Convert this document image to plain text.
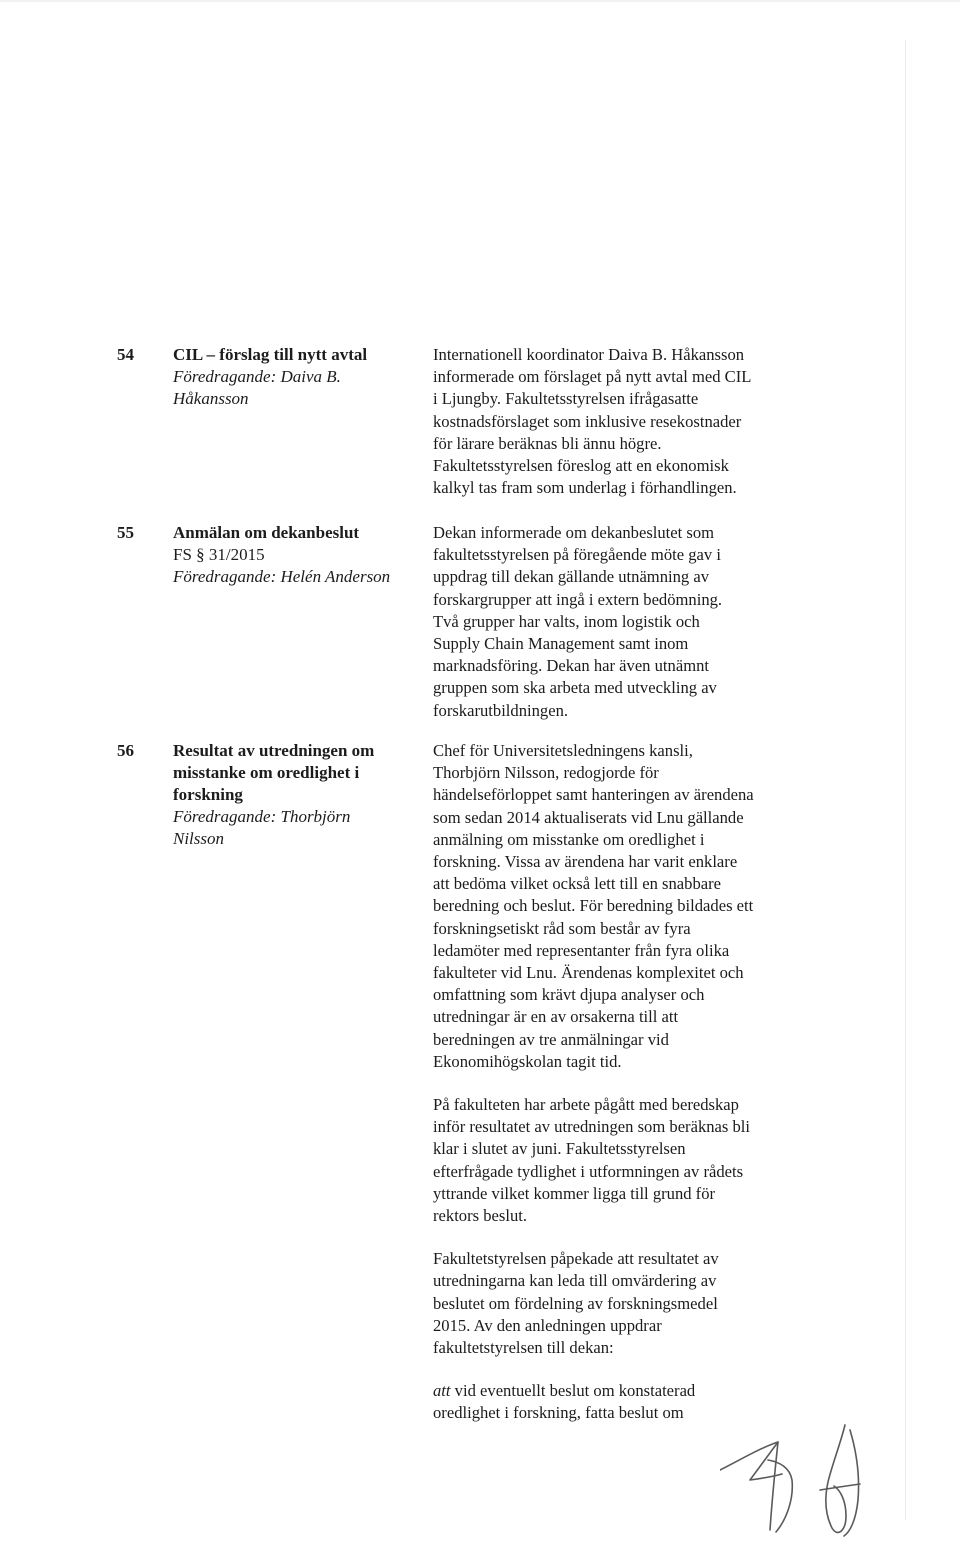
54 CIL – förslag till nytt avtal
Föredragande: Daiva B.
Håkansson

Internationell koordinator Daiva B. Håkansson
informerade om förslaget på nytt avtal med CIL
i Ljungby. Fakultetsstyrelsen ifrågasatte
kostnadsförslaget som inklusive resekostnader
för lärare beräknas bli ännu högre.
Fakultetsstyrelsen föreslog att en ekonomisk
kalkyl tas fram som underlag i förhandlingen.

55 Anmälan om dekanbeslut
FS § 31/2015
Föredragande: Helén Anderson

Dekan informerade om dekanbeslutet som
fakultetsstyrelsen på föregående möte gav i
uppdrag till dekan gällande utnämning av
forskargrupper att ingå i extern bedömning.
Två grupper har valts, inom logistik och
Supply Chain Management samt inom
marknadsföring. Dekan har även utnämnt
gruppen som ska arbeta med utveckling av
forskarutbildningen.

56 Resultat av utredningen om
misstanke om oredlighet i
forskning
Föredragande: Thorbjörn
Nilsson

Chef för Universitetsledningens kansli,
Thorbjörn Nilsson, redogjorde för
händelseförloppet samt hanteringen av ärendena
som sedan 2014 aktualiserats vid Lnu gällande
anmälning om misstanke om oredlighet i
forskning. Vissa av ärendena har varit enklare
att bedöma vilket också lett till en snabbare
beredning och beslut. För beredning bildades ett
forskningsetiskt råd som består av fyra
ledamöter med representanter från fyra olika
fakulteter vid Lnu. Ärendenas komplexitet och
omfattning som krävt djupa analyser och
utredningar är en av orsakerna till att
beredningen av tre anmälningar vid
Ekonomihögskolan tagit tid.

På fakulteten har arbete pågått med beredskap
inför resultatet av utredningen som beräknas bli
klar i slutet av juni. Fakultetsstyrelsen
efterfrågade tydlighet i utformningen av rådets
yttrande vilket kommer ligga till grund för
rektors beslut.

Fakultetstyrelsen påpekade att resultatet av
utredningarna kan leda till omvärdering av
beslutet om fördelning av forskningsmedel
2015. Av den anledningen uppdrar
fakultetstyrelsen till dekan:

att vid eventuellt beslut om konstaterad
oredlighet i forskning, fatta beslut om
